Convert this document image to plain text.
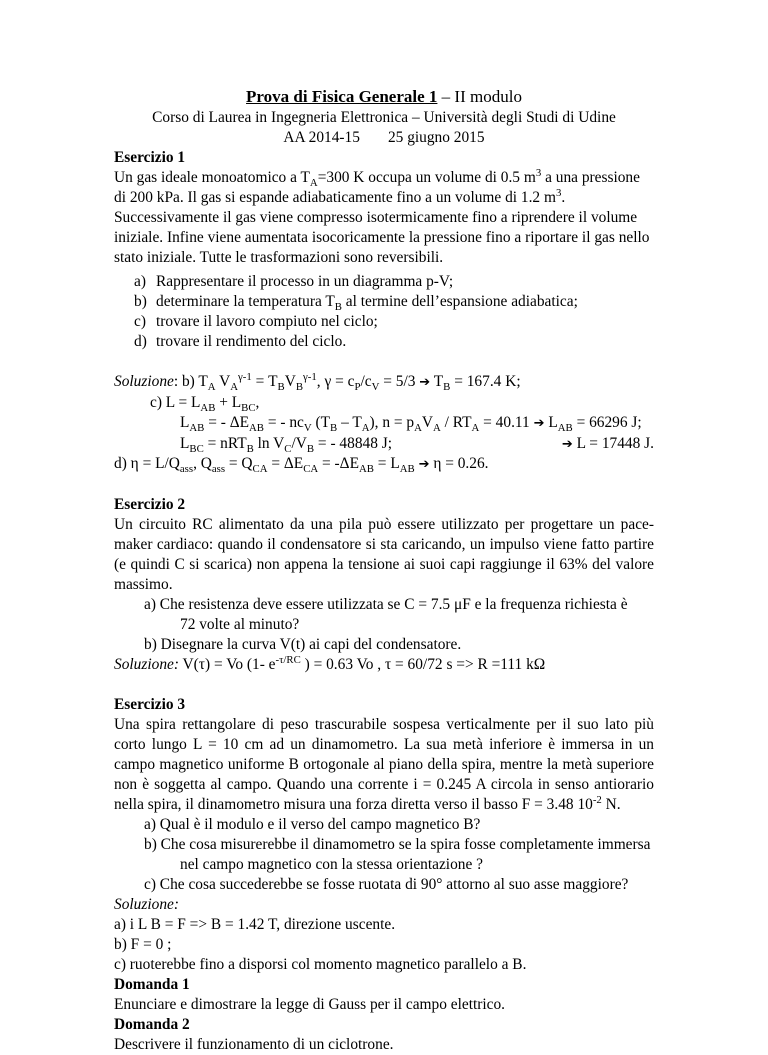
Prova di Fisica Generale 1 – II modulo
Corso di Laurea in Ingegneria Elettronica – Università degli Studi di Udine
AA 2014-15 25 giugno 2015
Esercizio 1
Un gas ideale monoatomico a $T_A=300$ K occupa un volume di 0.5 $m^3$ a una pressione di 200 kPa. Il gas si espande adiabaticamente fino a un volume di 1.2 $m^3$. Successivamente il gas viene compresso isotermicamente fino a riprendere il volume iniziale. Infine viene aumentata isocoricamente la pressione fino a riportare il gas nello stato iniziale. Tutte le trasformazioni sono reversibili.
a) Rappresentare il processo in un diagramma p-V;
b) determinare la temperatura $T_B$ al termine dell’espansione adiabatica;
c) trovare il lavoro compiuto nel ciclo;
d) trovare il rendimento del ciclo.
Soluzione: b) $T_A$ $V_A^{\gamma-1} = T_BV_B^{\gamma-1}$, $\gamma = c_P/c_V = 5/3$ ➔ $T_B = 167.4$ K;
c) $L = L_{AB} + L_{BC}$,
$L_{AB}$ = - $\Delta E_{AB}$ = - $nc_V$ $(T_B - T_A)$, $n = p_AV_A / RT_A = 40.11$ ➔ $L_{AB} = 66296$ J;
$L_{BC} = nRT_B$ $\ln V_C/V_B$ = - 48848 J;	➔ L = 17448 J.
d) $\eta = L/Q_{ass}$, $Q_{ass} = Q_{CA} = \Delta E_{CA} = -\Delta E_{AB} = L_{AB}$ ➔ η = 0.26.
Esercizio 2
Un circuito RC alimentato da una pila può essere utilizzato per progettare un pace-maker cardiaco: quando il condensatore si sta caricando, un impulso viene fatto partire (e quindi C si scarica) non appena la tensione ai suoi capi raggiunge il 63% del valore massimo.
a) Che resistenza deve essere utilizzata se C = 7.5 μF e la frequenza richiesta è
72 volte al minuto?
b) Disegnare la curva V(t) ai capi del condensatore.
Soluzione: V(τ) = Vo (1- $e^{-\tau/RC}$ ) = 0.63 Vo , τ = 60/72 s => R =111 kΩ
Esercizio 3
Una spira rettangolare di peso trascurabile sospesa verticalmente per il suo lato più corto lungo L = 10 cm ad un dinamometro. La sua metà inferiore è immersa in un campo magnetico uniforme B ortogonale al piano della spira, mentre la metà superiore non è soggetta al campo. Quando una corrente i = 0.245 A circola in senso antiorario nella spira, il dinamometro misura una forza diretta verso il basso F = 3.48 $10^{-2}$ N.
a) Qual è il modulo e il verso del campo magnetico B?
b) Che cosa misurerebbe il dinamometro se la spira fosse completamente immersa
nel campo magnetico con la stessa orientazione ?
c) Che cosa succederebbe se fosse ruotata di 90° attorno al suo asse maggiore?
Soluzione:
a) i L B = F => B = 1.42 T, direzione uscente.
b) F = 0 ;
c) ruoterebbe fino a disporsi col momento magnetico parallelo a B.
Domanda 1
Enunciare e dimostrare la legge di Gauss per il campo elettrico.
Domanda 2
Descrivere il funzionamento di un ciclotrone.
